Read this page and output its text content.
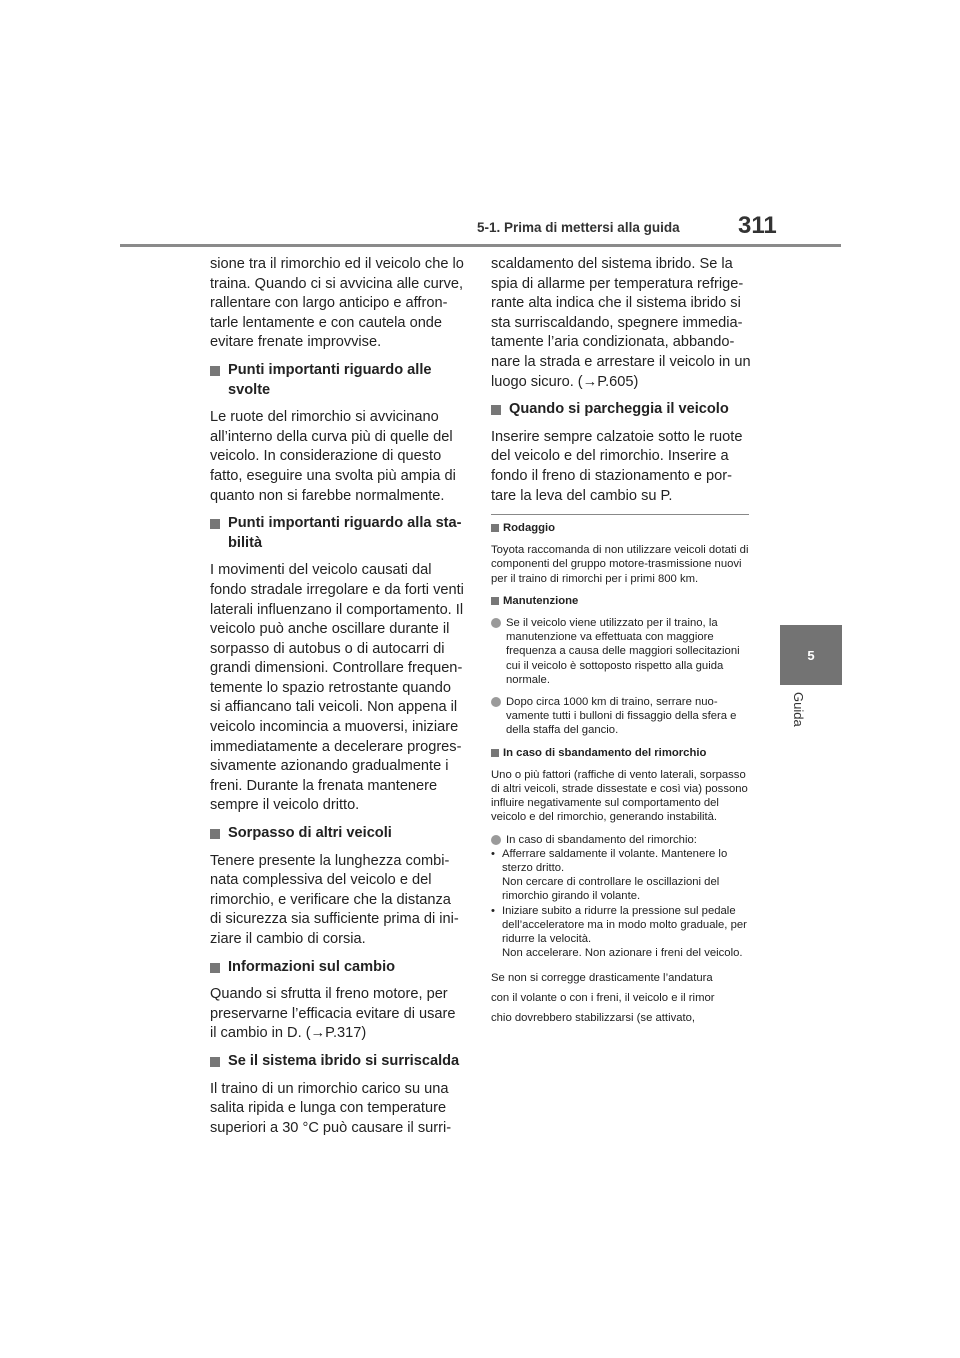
5-1. Prima di mettersi alla guida 311
5
Guida

sione tra il rimorchio ed il veicolo che lo traina. Quando ci si avvicina alle curve, rallentare con largo anticipo e affrontarle lentamente e con cautela onde evitare frenate improvvise.

Punti importanti riguardo alle svolte

Le ruote del rimorchio si avvicinano all’interno della curva più di quelle del veicolo. In considerazione di questo fatto, eseguire una svolta più ampia di quanto non si farebbe normalmente.

Punti importanti riguardo alla stabilità

I movimenti del veicolo causati dal fondo stradale irregolare e da forti venti laterali influenzano il comportamento. Il veicolo può anche oscillare durante il sorpasso di autobus o di autocarri di grandi dimensioni. Controllare frequentemente lo spazio retrostante quando si affiancano tali veicoli. Non appena il veicolo incomincia a muoversi, iniziare immediatamente a decelerare progressivamente azionando gradualmente i freni. Durante la frenata mantenere sempre il veicolo dritto.

Sorpasso di altri veicoli

Tenere presente la lunghezza combinata complessiva del veicolo e del rimorchio, e verificare che la distanza di sicurezza sia sufficiente prima di iniziare il cambio di corsia.

Informazioni sul cambio

Quando si sfrutta il freno motore, per preservarne l’efficacia evitare di usare il cambio in D. (→P.317)

Se il sistema ibrido si surriscalda

Il traino di un rimorchio carico su una salita ripida e lunga con temperature superiori a 30 °C può causare il surri-

scaldamento del sistema ibrido. Se la spia di allarme per temperatura refrigerante alta indica che il sistema ibrido si sta surriscaldando, spegnere immediatamente l’aria condizionata, abbandonare la strada e arrestare il veicolo in un luogo sicuro. (→P.605)

Quando si parcheggia il veicolo

Inserire sempre calzatoie sotto le ruote del veicolo e del rimorchio. Inserire a fondo il freno di stazionamento e portare la leva del cambio su P.

Rodaggio

Toyota raccomanda di non utilizzare veicoli dotati di componenti del gruppo motore-trasmissione nuovi per il traino di rimorchi per i primi 800 km.

Manutenzione
Se il veicolo viene utilizzato per il traino, la manutenzione va effettuata con maggiore frequenza a causa delle maggiori sollecitazioni cui il veicolo è sottoposto rispetto alla guida normale.
Dopo circa 1000 km di traino, serrare nuovamente tutti i bulloni di fissaggio della sfera e della staffa del gancio.
In caso di sbandamento del rimorchio

Uno o più fattori (raffiche di vento laterali, sorpasso di altri veicoli, strade dissestate e così via) possono influire negativamente sul comportamento del veicolo e del rimorchio, generando instabilità.

In caso di sbandamento del rimorchio:
• Afferrare saldamente il volante. Mantenere lo sterzo dritto.
Non cercare di controllare le oscillazioni del rimorchio girando il volante.
• Iniziare subito a ridurre la pressione sul pedale dell’acceleratore ma in modo molto graduale, per ridurre la velocità.
Non accelerare. Non azionare i freni del veicolo.
Se non si corregge drasticamente l’andatura
con il volante o con i freni, il veicolo e il rimor
chio dovrebbero stabilizzarsi (se attivato,
